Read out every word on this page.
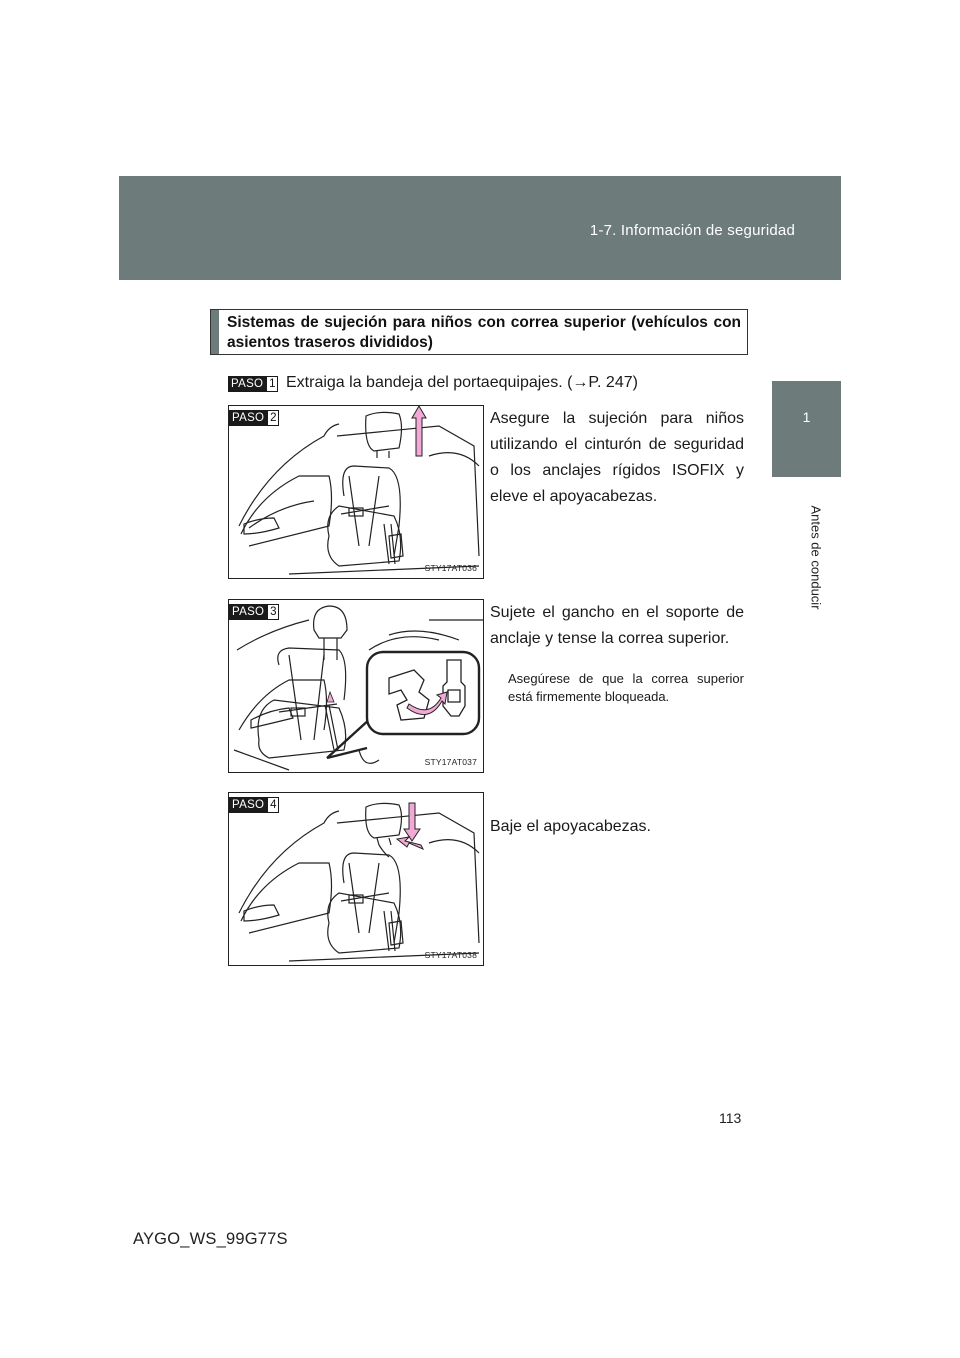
1-7. Información de seguridad
1
Antes de conducir
Sistemas de sujeción para niños con correa superior (vehículos con asientos traseros divididos)
PASO 1 Extraiga la bandeja del portaequipajes. (→P. 247)
PASO 2
STY17AT036
Asegure la sujeción para niños utilizando el cinturón de seguridad o los anclajes rígidos ISOFIX y eleve el apoyacabezas.
PASO 3
STY17AT037
Sujete el gancho en el soporte de anclaje y tense la correa superior.
Asegúrese de que la correa superior está firmemente bloqueada.
PASO 4
STY17AT038
Baje el apoyacabezas.
113
AYGO_WS_99G77S
